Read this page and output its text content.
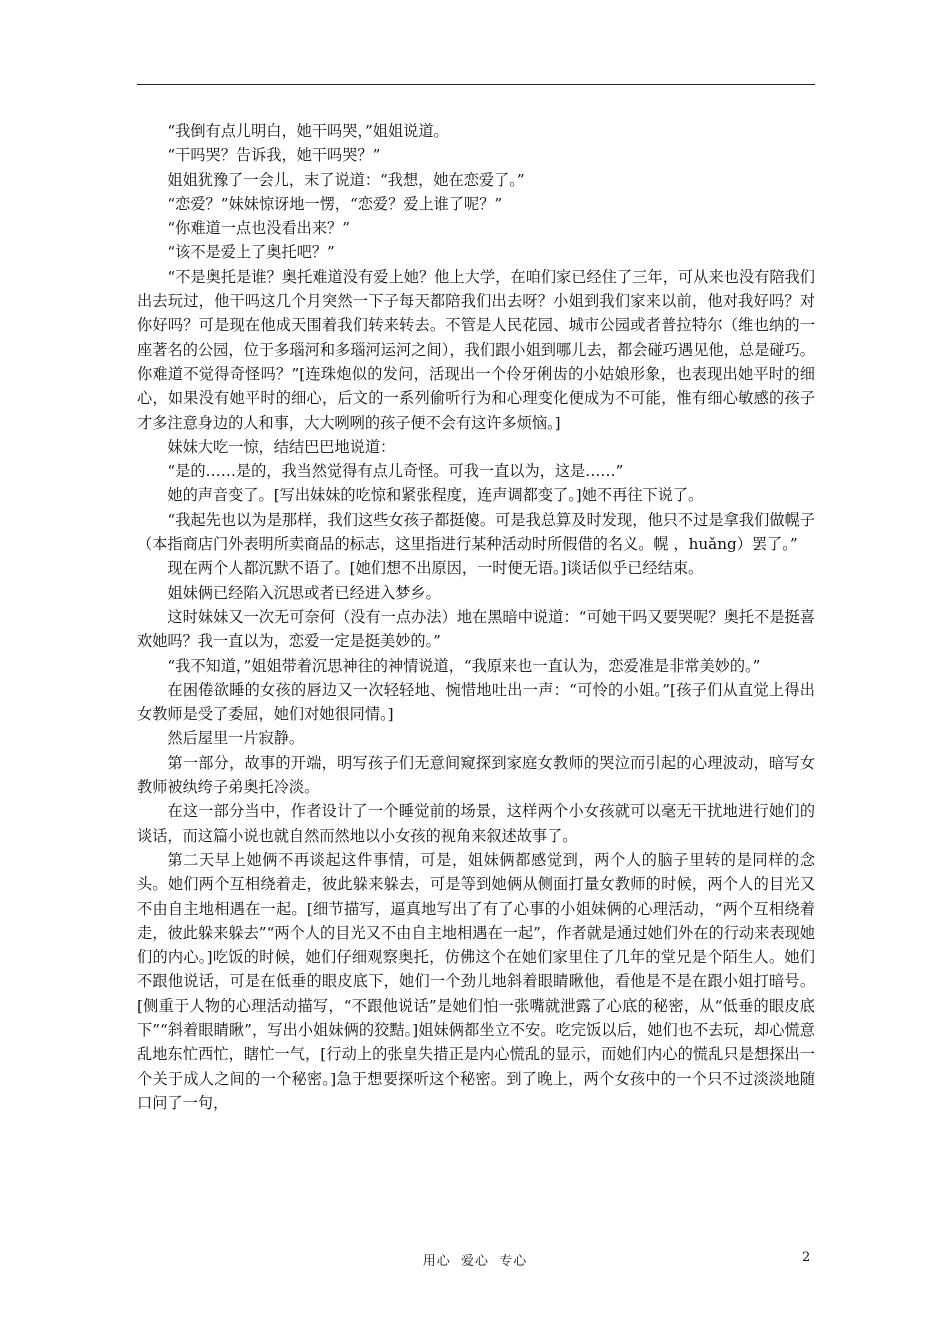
“我倒有点儿明白，她干吗哭，”姐姐说道。

“干吗哭？告诉我，她干吗哭？”

姐姐犹豫了一会儿，末了说道：“我想，她在恋爱了。”

“恋爱？”妹妹惊讶地一愣，“恋爱？爱上谁了呢？”

“你难道一点也没看出来？”

“该不是爱上了奥托吧？”

“不是奥托是谁？奥托难道没有爱上她？他上大学，在咱们家已经住了三年，可从来也没有陪我们出去玩过，他干吗这几个月突然一下子每天都陪我们出去呀？小姐到我们家来以前，他对我好吗？对你好吗？可是现在他成天围着我们转来转去。不管是人民花园、城市公园或者普拉特尔（维也纳的一座著名的公园，位于多瑙河和多瑙河运河之间），我们跟小姐到哪儿去，都会碰巧遇见他，总是碰巧。你难道不觉得奇怪吗？”[连珠炮似的发问，活现出一个伶牙俐齿的小姑娘形象，也表现出她平时的细心，如果没有她平时的细心，后文的一系列偷听行为和心理变化便成为不可能，惟有细心敏感的孩子才多注意身边的人和事，大大咧咧的孩子便不会有这许多烦恼。]

妹妹大吃一惊，结结巴巴地说道：

“是的……是的，我当然觉得有点儿奇怪。可我一直以为，这是……”

她的声音变了。[写出妹妹的吃惊和紧张程度，连声调都变了。]她不再往下说了。

“我起先也以为是那样，我们这些女孩子都挺傻。可是我总算及时发现，他只不过是拿我们做幌子（本指商店门外表明所卖商品的标志，这里指进行某种活动时所假借的名义。幌 ，huǎng）罢了。”

现在两个人都沉默不语了。[她们想不出原因，一时便无语。]谈话似乎已经结束。

姐妹俩已经陷入沉思或者已经进入梦乡。

这时妹妹又一次无可奈何（没有一点办法）地在黑暗中说道：“可她干吗又要哭呢？奥托不是挺喜欢她吗？我一直以为，恋爱一定是挺美妙的。”

“我不知道，”姐姐带着沉思神往的神情说道，“我原来也一直认为，恋爱准是非常美妙的。”

在困倦欲睡的女孩的唇边又一次轻轻地、惋惜地吐出一声：“可怜的小姐。”[孩子们从直觉上得出女教师是受了委屈，她们对她很同情。]

然后屋里一片寂静。

第一部分，故事的开端，明写孩子们无意间窥探到家庭女教师的哭泣而引起的心理波动，暗写女教师被纨绔子弟奥托冷淡。

在这一部分当中，作者设计了一个睡觉前的场景，这样两个小女孩就可以毫无干扰地进行她们的谈话，而这篇小说也就自然而然地以小女孩的视角来叙述故事了。

第二天早上她俩不再谈起这件事情，可是，姐妹俩都感觉到，两个人的脑子里转的是同样的念头。她们两个互相绕着走，彼此躲来躲去，可是等到她俩从侧面打量女教师的时候，两个人的目光又不由自主地相遇在一起。[细节描写，逼真地写出了有了心事的小姐妹俩的心理活动，“两个互相绕着走，彼此躲来躲去”“两个人的目光又不由自主地相遇在一起”，作者就是通过她们外在的行动来表现她们的内心。]吃饭的时候，她们仔细观察奥托，仿佛这个在她们家里住了几年的堂兄是个陌生人。她们不跟他说话，可是在低垂的眼皮底下，她们一个劲儿地斜着眼睛瞅他，看他是不是在跟小姐打暗号。[侧重于人物的心理活动描写，“不跟他说话”是她们怕一张嘴就泄露了心底的秘密，从“低垂的眼皮底下”“斜着眼睛瞅”，写出小姐妹俩的狡黠。]姐妹俩都坐立不安。吃完饭以后，她们也不去玩，却心慌意乱地东忙西忙，瞎忙一气，[行动上的张皇失措正是内心慌乱的显示，而她们内心的慌乱只是想探出一个关于成人之间的一个秘密。]急于想要探听这个秘密。到了晚上，两个女孩中的一个只不过淡淡地随口问了一句，

用心  爱心  专心	2
